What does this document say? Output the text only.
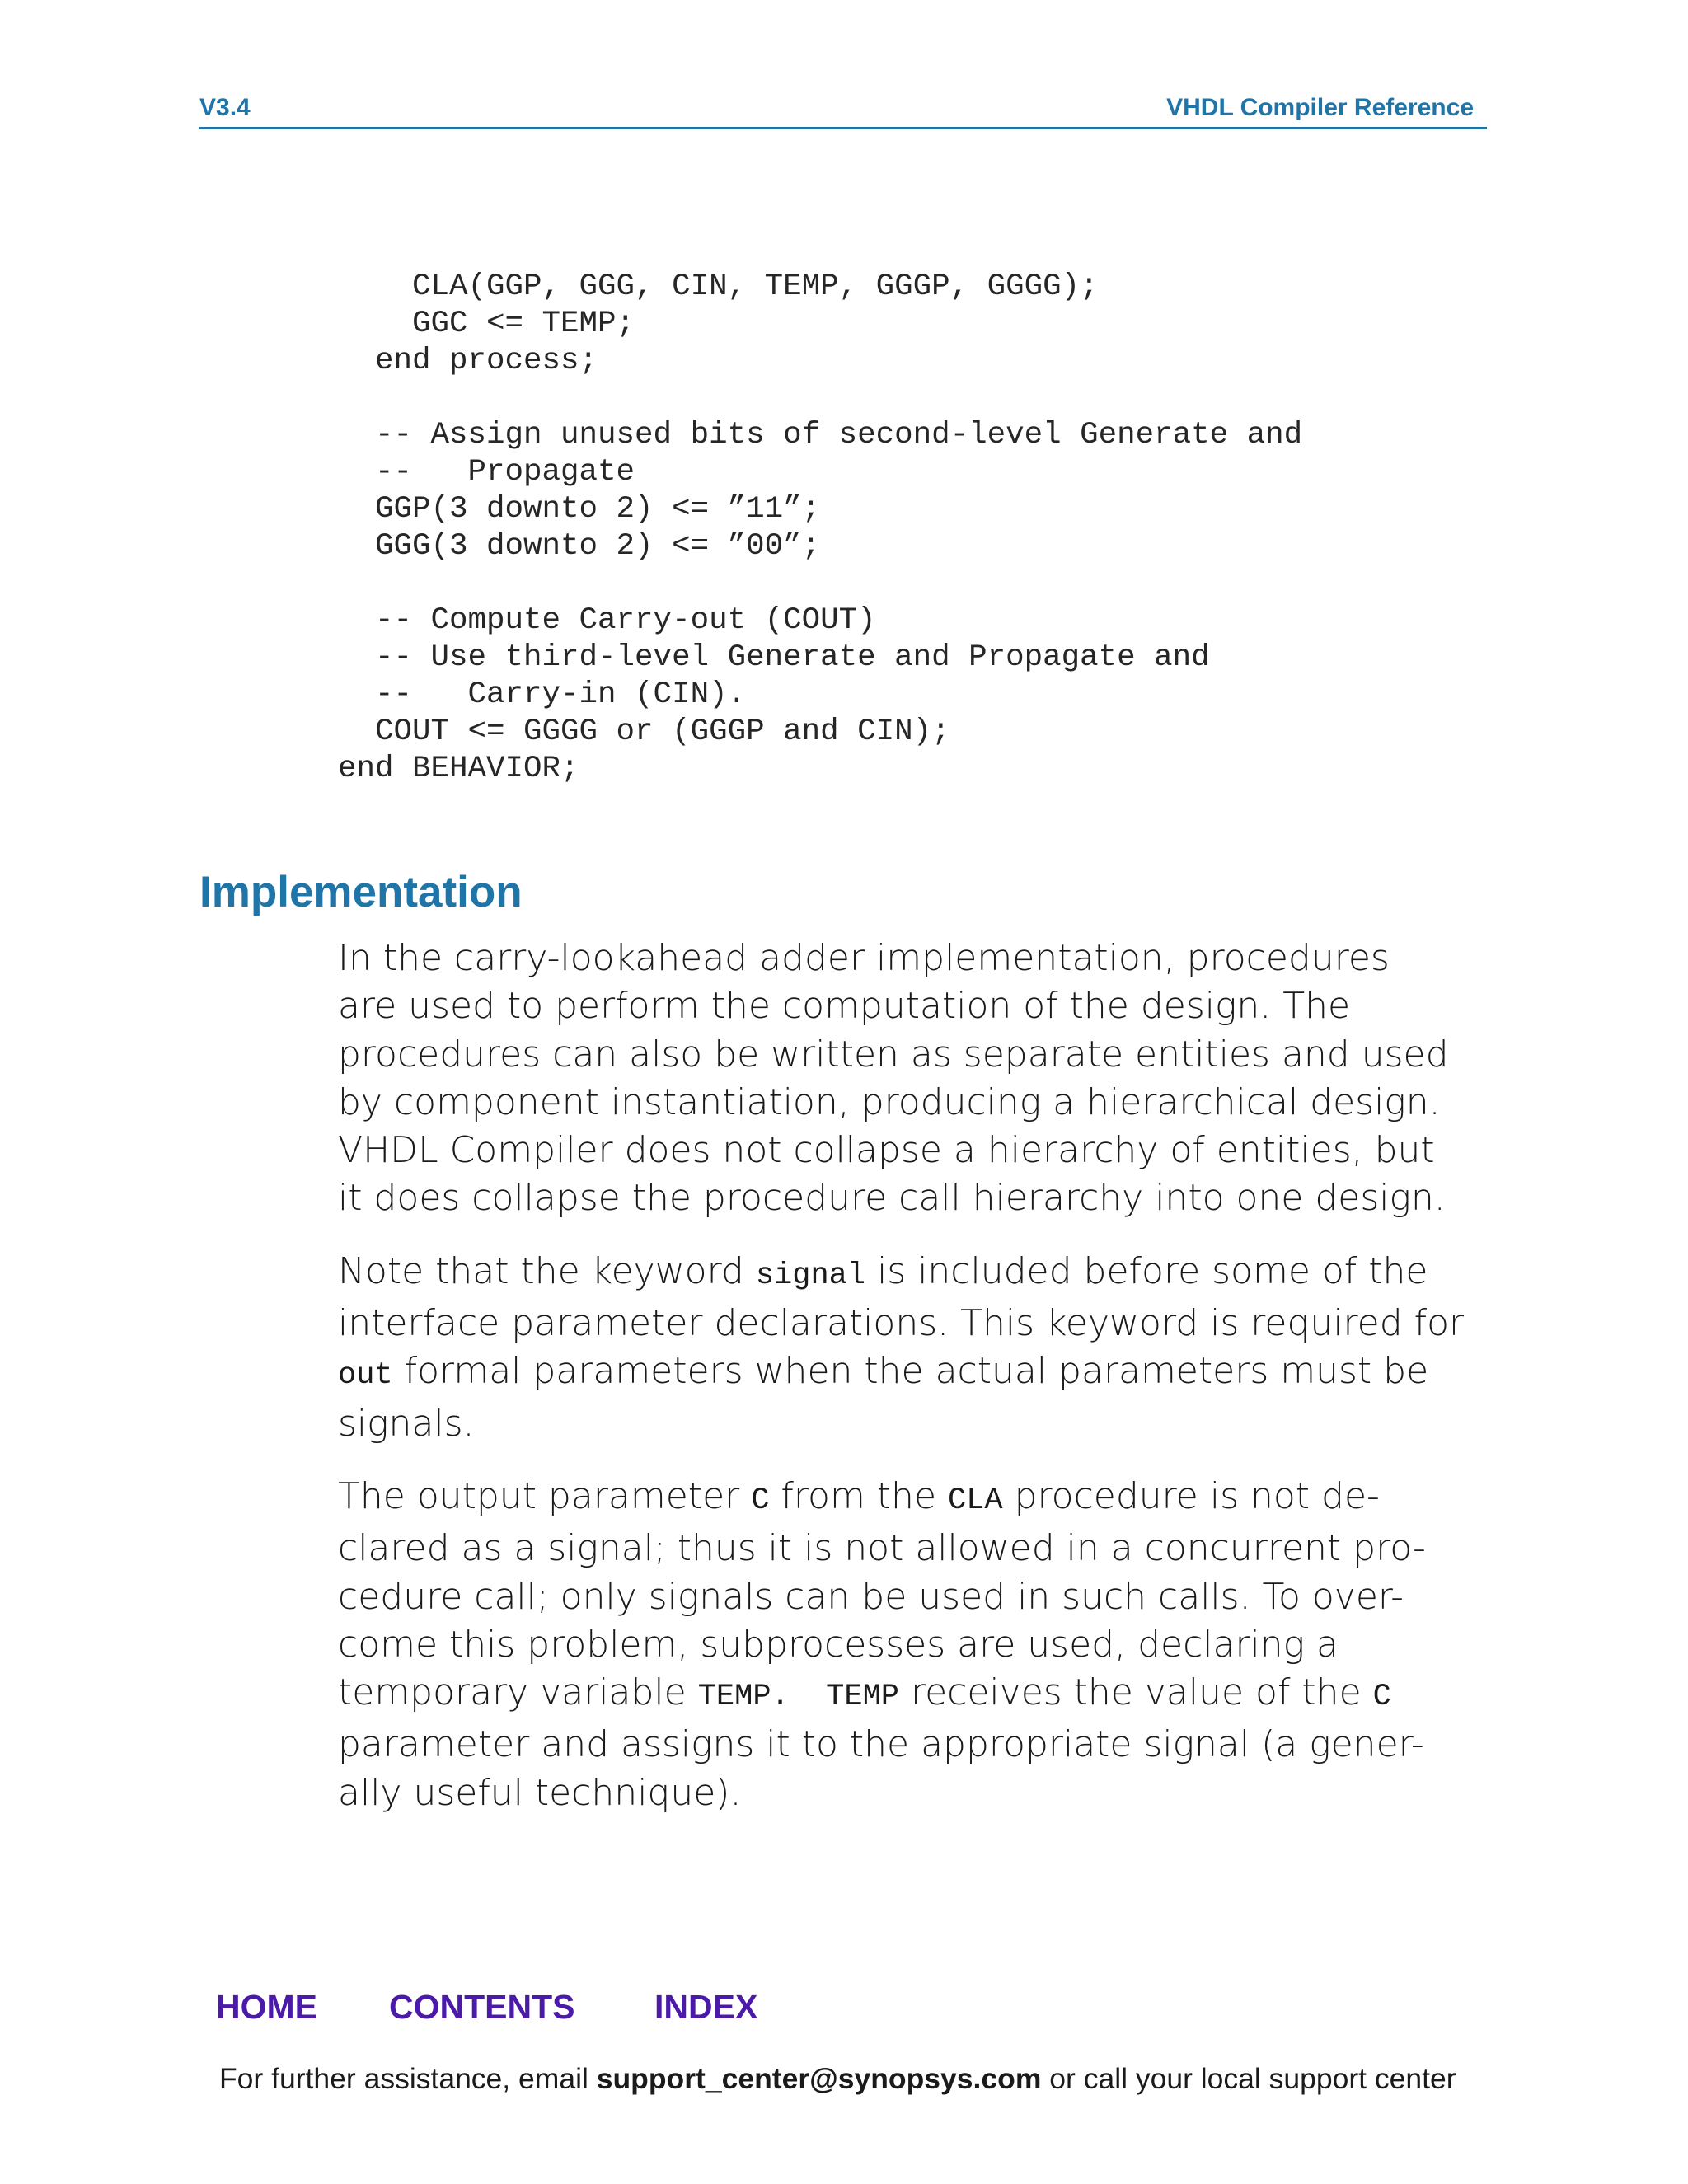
V3.4	VHDL Compiler Reference
CLA(GGP, GGG, CIN, TEMP, GGGP, GGGG);
GGC <= TEMP;
end process;

-- Assign unused bits of second-level Generate and
--   Propagate
GGP(3 downto 2) <= ”11”;
GGG(3 downto 2) <= ”00”;

-- Compute Carry-out (COUT)
-- Use third-level Generate and Propagate and
--   Carry-in (CIN).
COUT <= GGGG or (GGGP and CIN);
end BEHAVIOR;
Implementation

In the carry-lookahead adder implementation, procedures
are used to perform the computation of the design. The
procedures can also be written as separate entities and used
by component instantiation, producing a hierarchical design.
VHDL Compiler does not collapse a hierarchy of entities, but
it does collapse the procedure call hierarchy into one design.

Note that the keyword signal is included before some of the
interface parameter declarations. This keyword is required for
out formal parameters when the actual parameters must be
signals.

The output parameter C from the CLA procedure is not de-
clared as a signal; thus it is not allowed in a concurrent pro-
cedure call; only signals can be used in such calls. To over-
come this problem, subprocesses are used, declaring a
temporary variable TEMP. TEMP receives the value of the C
parameter and assigns it to the appropriate signal (a gener-
ally useful technique).

HOME CONTENTS INDEX
For further assistance, email support_center@synopsys.com or call your local support center
